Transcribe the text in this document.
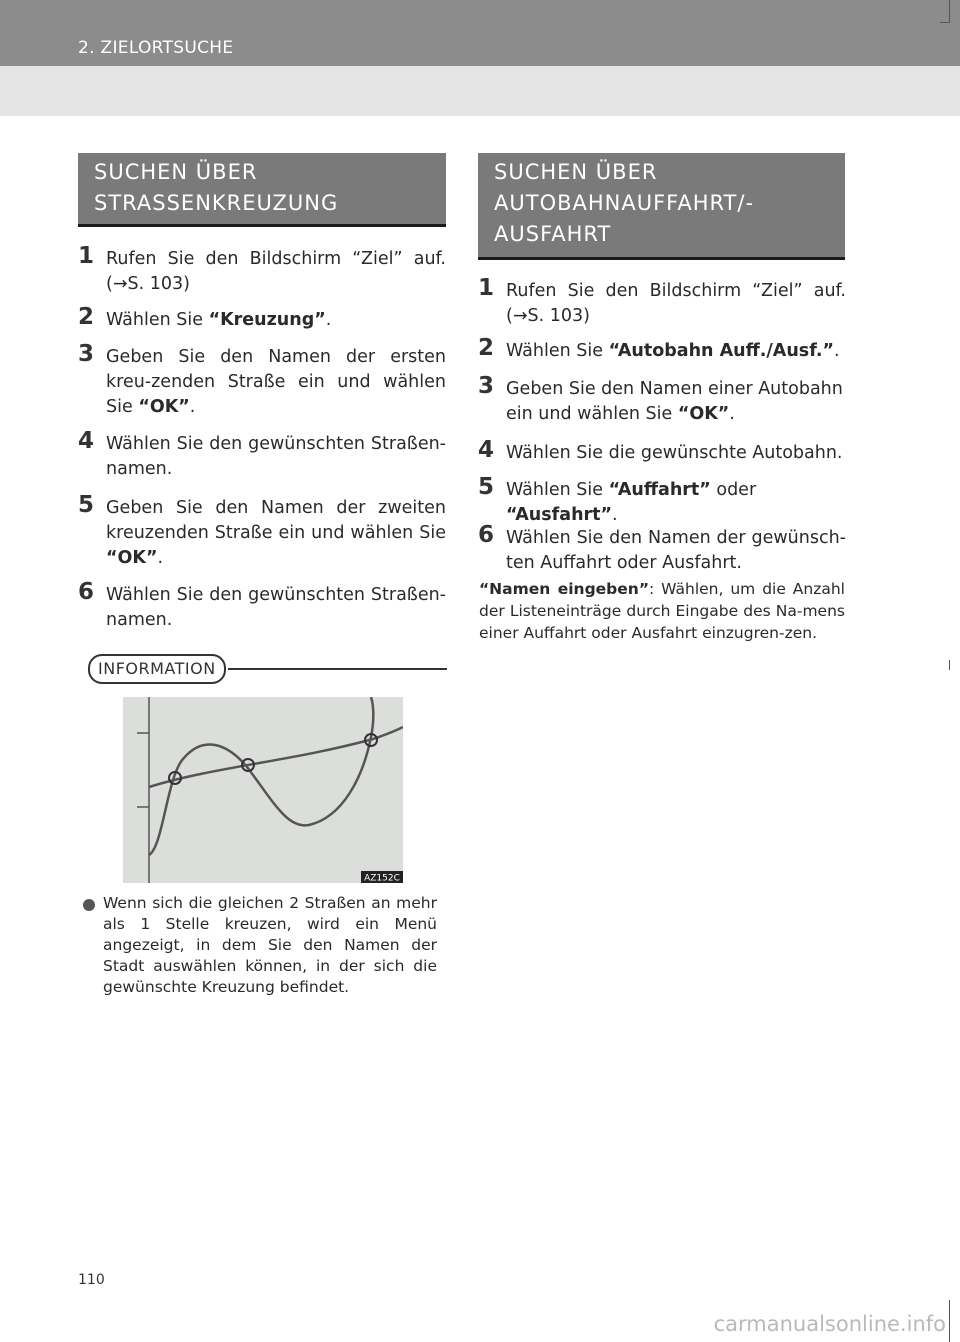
2. ZIELORTSUCHE
SUCHEN ÜBER
STRASSENKREUZUNG
1 Rufen Sie den Bildschirm “Ziel” auf. (→S. 103)
2 Wählen Sie “Kreuzung”.
3 Geben Sie den Namen der ersten kreu-zenden Straße ein und wählen Sie “OK”.
4 Wählen Sie den gewünschten Straßen-namen.
5 Geben Sie den Namen der zweiten kreuzenden Straße ein und wählen Sie “OK”.
6 Wählen Sie den gewünschten Straßen-namen.
INFORMATION
AZ152C
Wenn sich die gleichen 2 Straßen an mehr als 1 Stelle kreuzen, wird ein Menü angezeigt, in dem Sie den Namen der Stadt auswählen können, in der sich die gewünschte Kreuzung befindet.
SUCHEN ÜBER
AUTOBAHNAUFFAHRT/-
AUSFAHRT
1 Rufen Sie den Bildschirm “Ziel” auf. (→S. 103)
2 Wählen Sie “Autobahn Auff./Ausf.”.
3 Geben Sie den Namen einer Autobahn ein und wählen Sie “OK”.
4 Wählen Sie die gewünschte Autobahn.
5 Wählen Sie “Auffahrt” oder “Ausfahrt”.
6 Wählen Sie den Namen der gewünsch-ten Auffahrt oder Ausfahrt.
“Namen eingeben”: Wählen, um die Anzahl der Listeneinträge durch Eingabe des Na-mens einer Auffahrt oder Ausfahrt einzugren-zen.
110
carmanualsonline.info
